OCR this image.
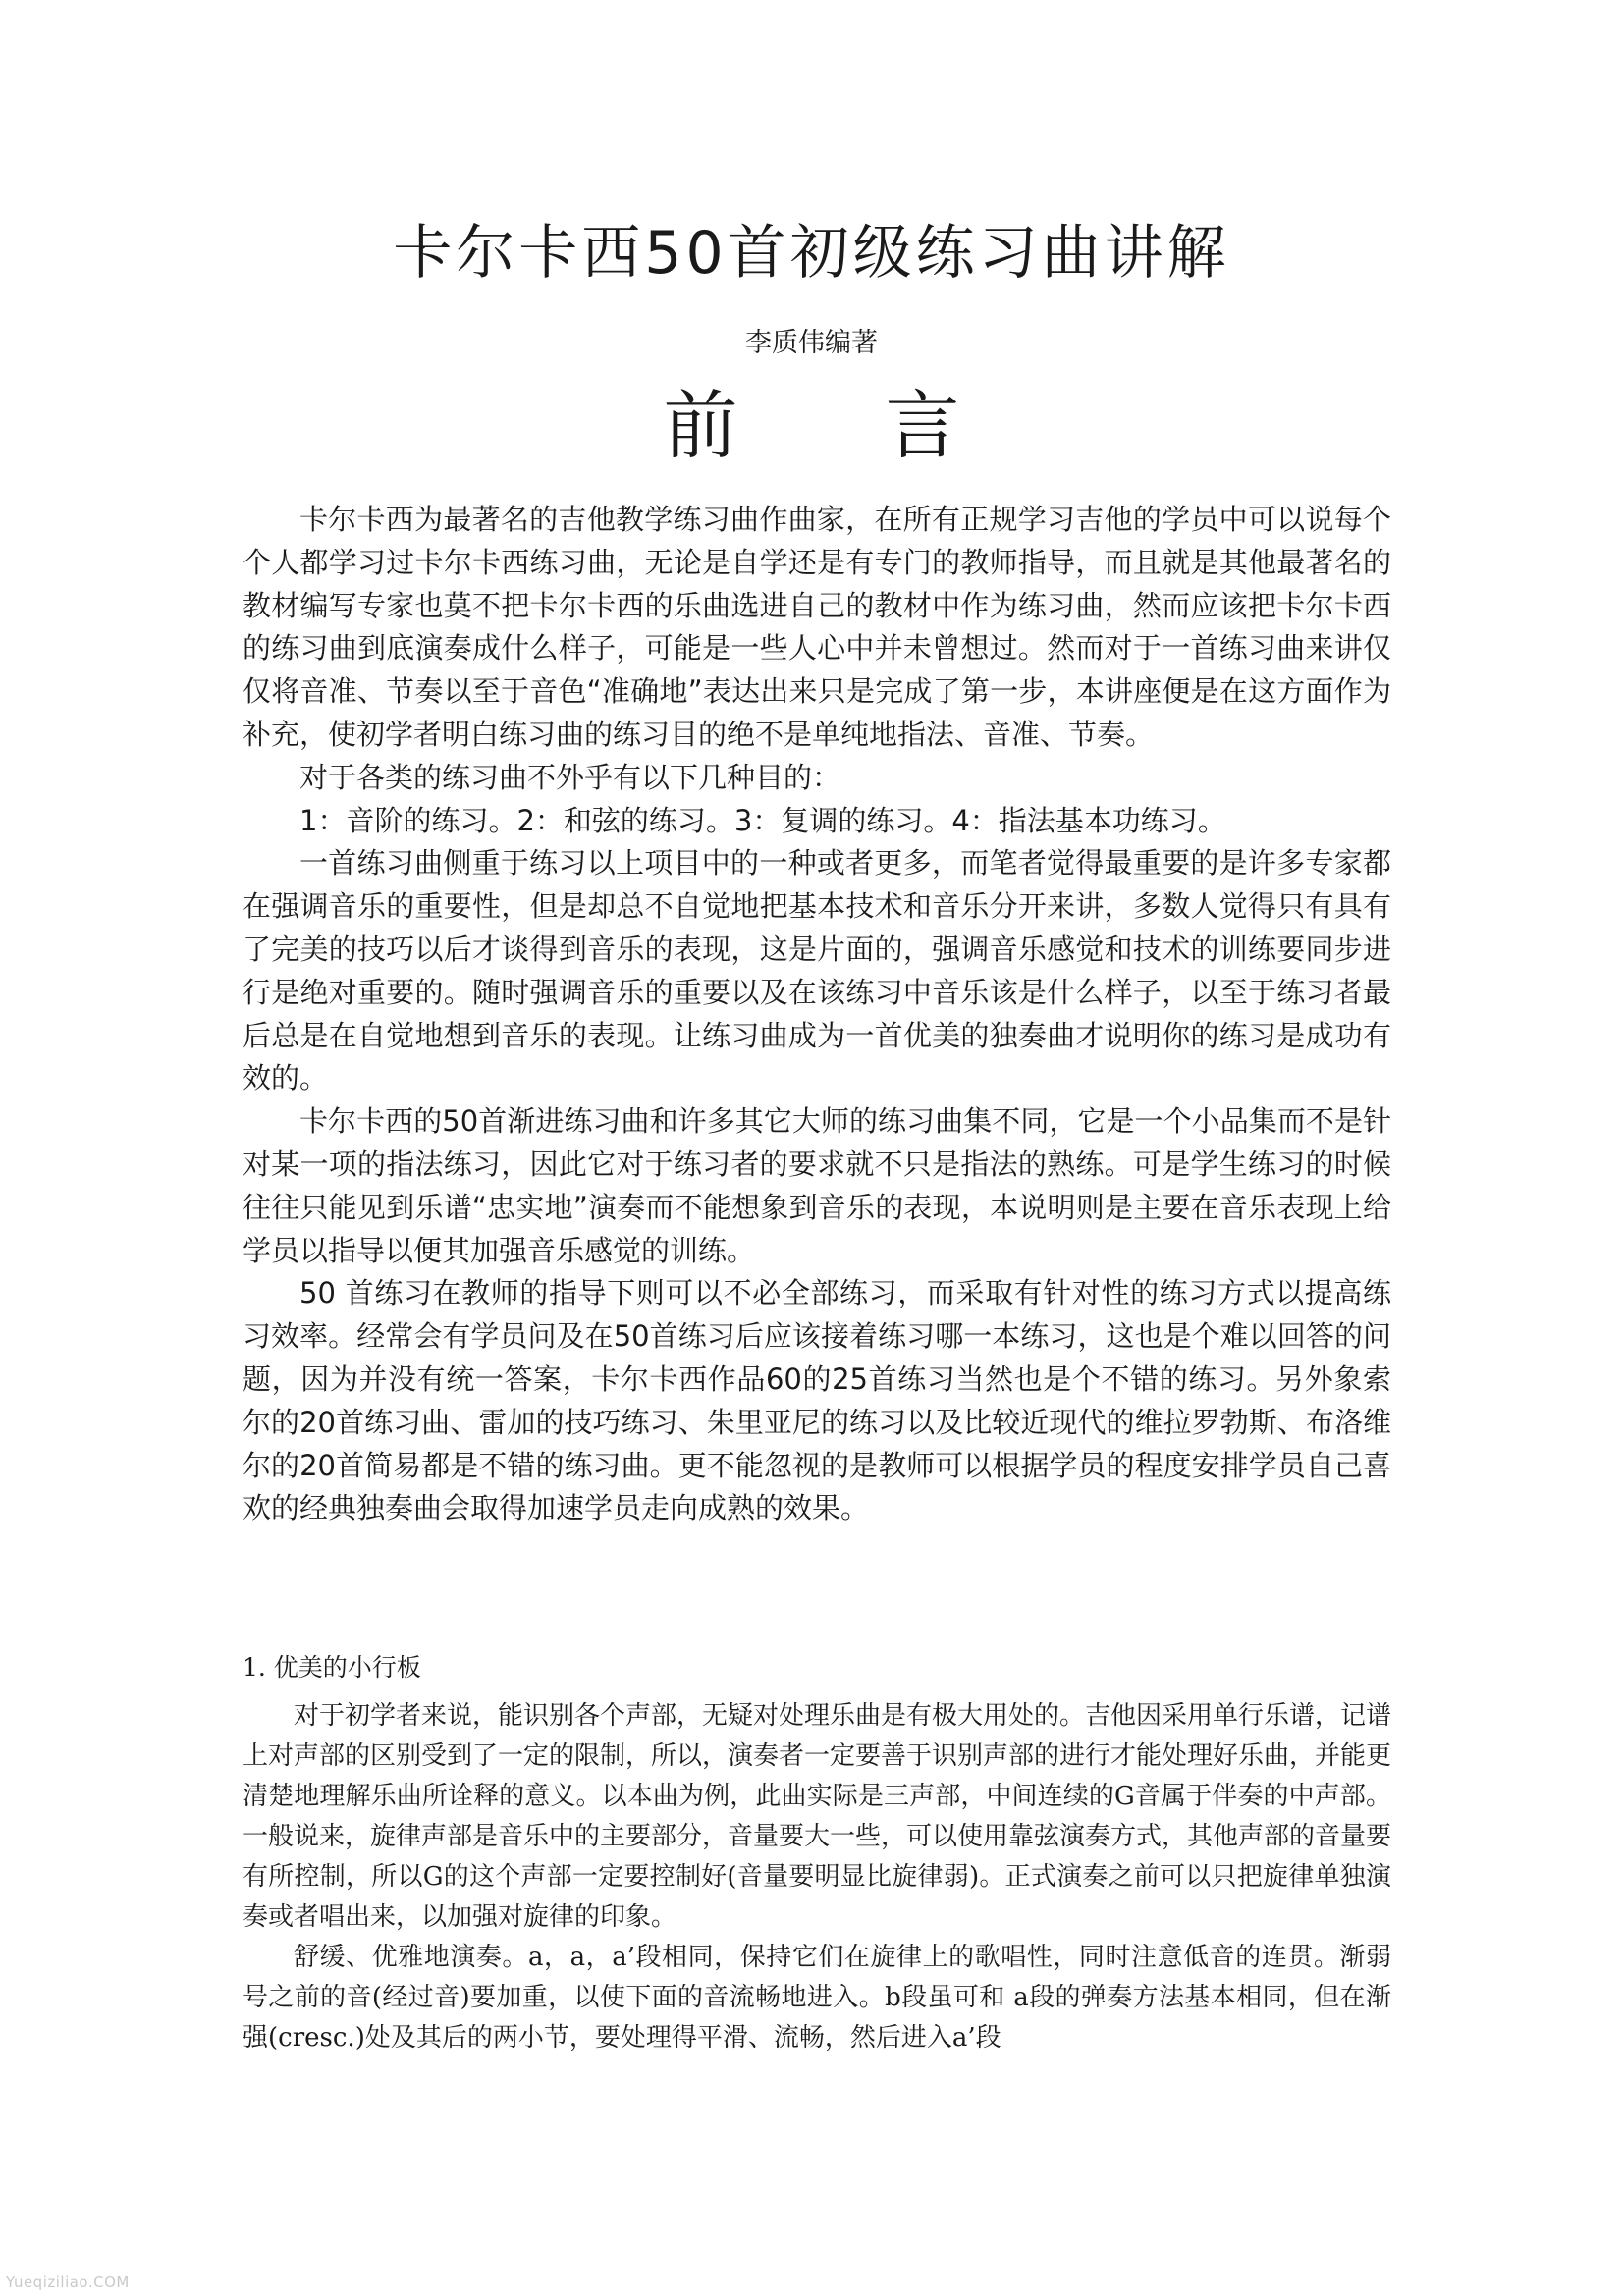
卡尔卡西50首初级练习曲讲解
李质伟编著
前 言

卡尔卡西为最著名的吉他教学练习曲作曲家，在所有正规学习吉他的学员中可以说每个个人都学习过卡尔卡西练习曲，无论是自学还是有专门的教师指导，而且就是其他最著名的教材编写专家也莫不把卡尔卡西的乐曲选进自己的教材中作为练习曲，然而应该把卡尔卡西的练习曲到底演奏成什么样子，可能是一些人心中并未曾想过。然而对于一首练习曲来讲仅仅将音准、节奏以至于音色“准确地”表达出来只是完成了第一步，本讲座便是在这方面作为补充，使初学者明白练习曲的练习目的绝不是单纯地指法、音准、节奏。

对于各类的练习曲不外乎有以下几种目的：

1：音阶的练习。2：和弦的练习。3：复调的练习。4：指法基本功练习。

一首练习曲侧重于练习以上项目中的一种或者更多，而笔者觉得最重要的是许多专家都在强调音乐的重要性，但是却总不自觉地把基本技术和音乐分开来讲，多数人觉得只有具有了完美的技巧以后才谈得到音乐的表现，这是片面的，强调音乐感觉和技术的训练要同步进行是绝对重要的。随时强调音乐的重要以及在该练习中音乐该是什么样子，以至于练习者最后总是在自觉地想到音乐的表现。让练习曲成为一首优美的独奏曲才说明你的练习是成功有效的。

卡尔卡西的50首渐进练习曲和许多其它大师的练习曲集不同，它是一个小品集而不是针对某一项的指法练习，因此它对于练习者的要求就不只是指法的熟练。可是学生练习的时候往往只能见到乐谱“忠实地”演奏而不能想象到音乐的表现，本说明则是主要在音乐表现上给学员以指导以便其加强音乐感觉的训练。

50 首练习在教师的指导下则可以不必全部练习，而采取有针对性的练习方式以提高练习效率。经常会有学员问及在50首练习后应该接着练习哪一本练习，这也是个难以回答的问题，因为并没有统一答案，卡尔卡西作品60的25首练习当然也是个不错的练习。另外象索尔的20首练习曲、雷加的技巧练习、朱里亚尼的练习以及比较近现代的维拉罗勃斯、布洛维尔的20首简易都是不错的练习曲。更不能忽视的是教师可以根据学员的程度安排学员自己喜欢的经典独奏曲会取得加速学员走向成熟的效果。

1. 优美的小行板

对于初学者来说，能识别各个声部，无疑对处理乐曲是有极大用处的。吉他因采用单行乐谱，记谱上对声部的区别受到了一定的限制，所以，演奏者一定要善于识别声部的进行才能处理好乐曲，并能更清楚地理解乐曲所诠释的意义。以本曲为例，此曲实际是三声部，中间连续的G音属于伴奏的中声部。一般说来，旋律声部是音乐中的主要部分，音量要大一些，可以使用靠弦演奏方式，其他声部的音量要有所控制，所以G的这个声部一定要控制好(音量要明显比旋律弱)。正式演奏之前可以只把旋律单独演奏或者唱出来，以加强对旋律的印象。

舒缓、优雅地演奏。a，a，a’段相同，保持它们在旋律上的歌唱性，同时注意低音的连贯。渐弱号之前的音(经过音)要加重，以使下面的音流畅地进入。b段虽可和 a段的弹奏方法基本相同，但在渐强(cresc.)处及其后的两小节，要处理得平滑、流畅，然后进入a’段

Yueqiziliao.COM
